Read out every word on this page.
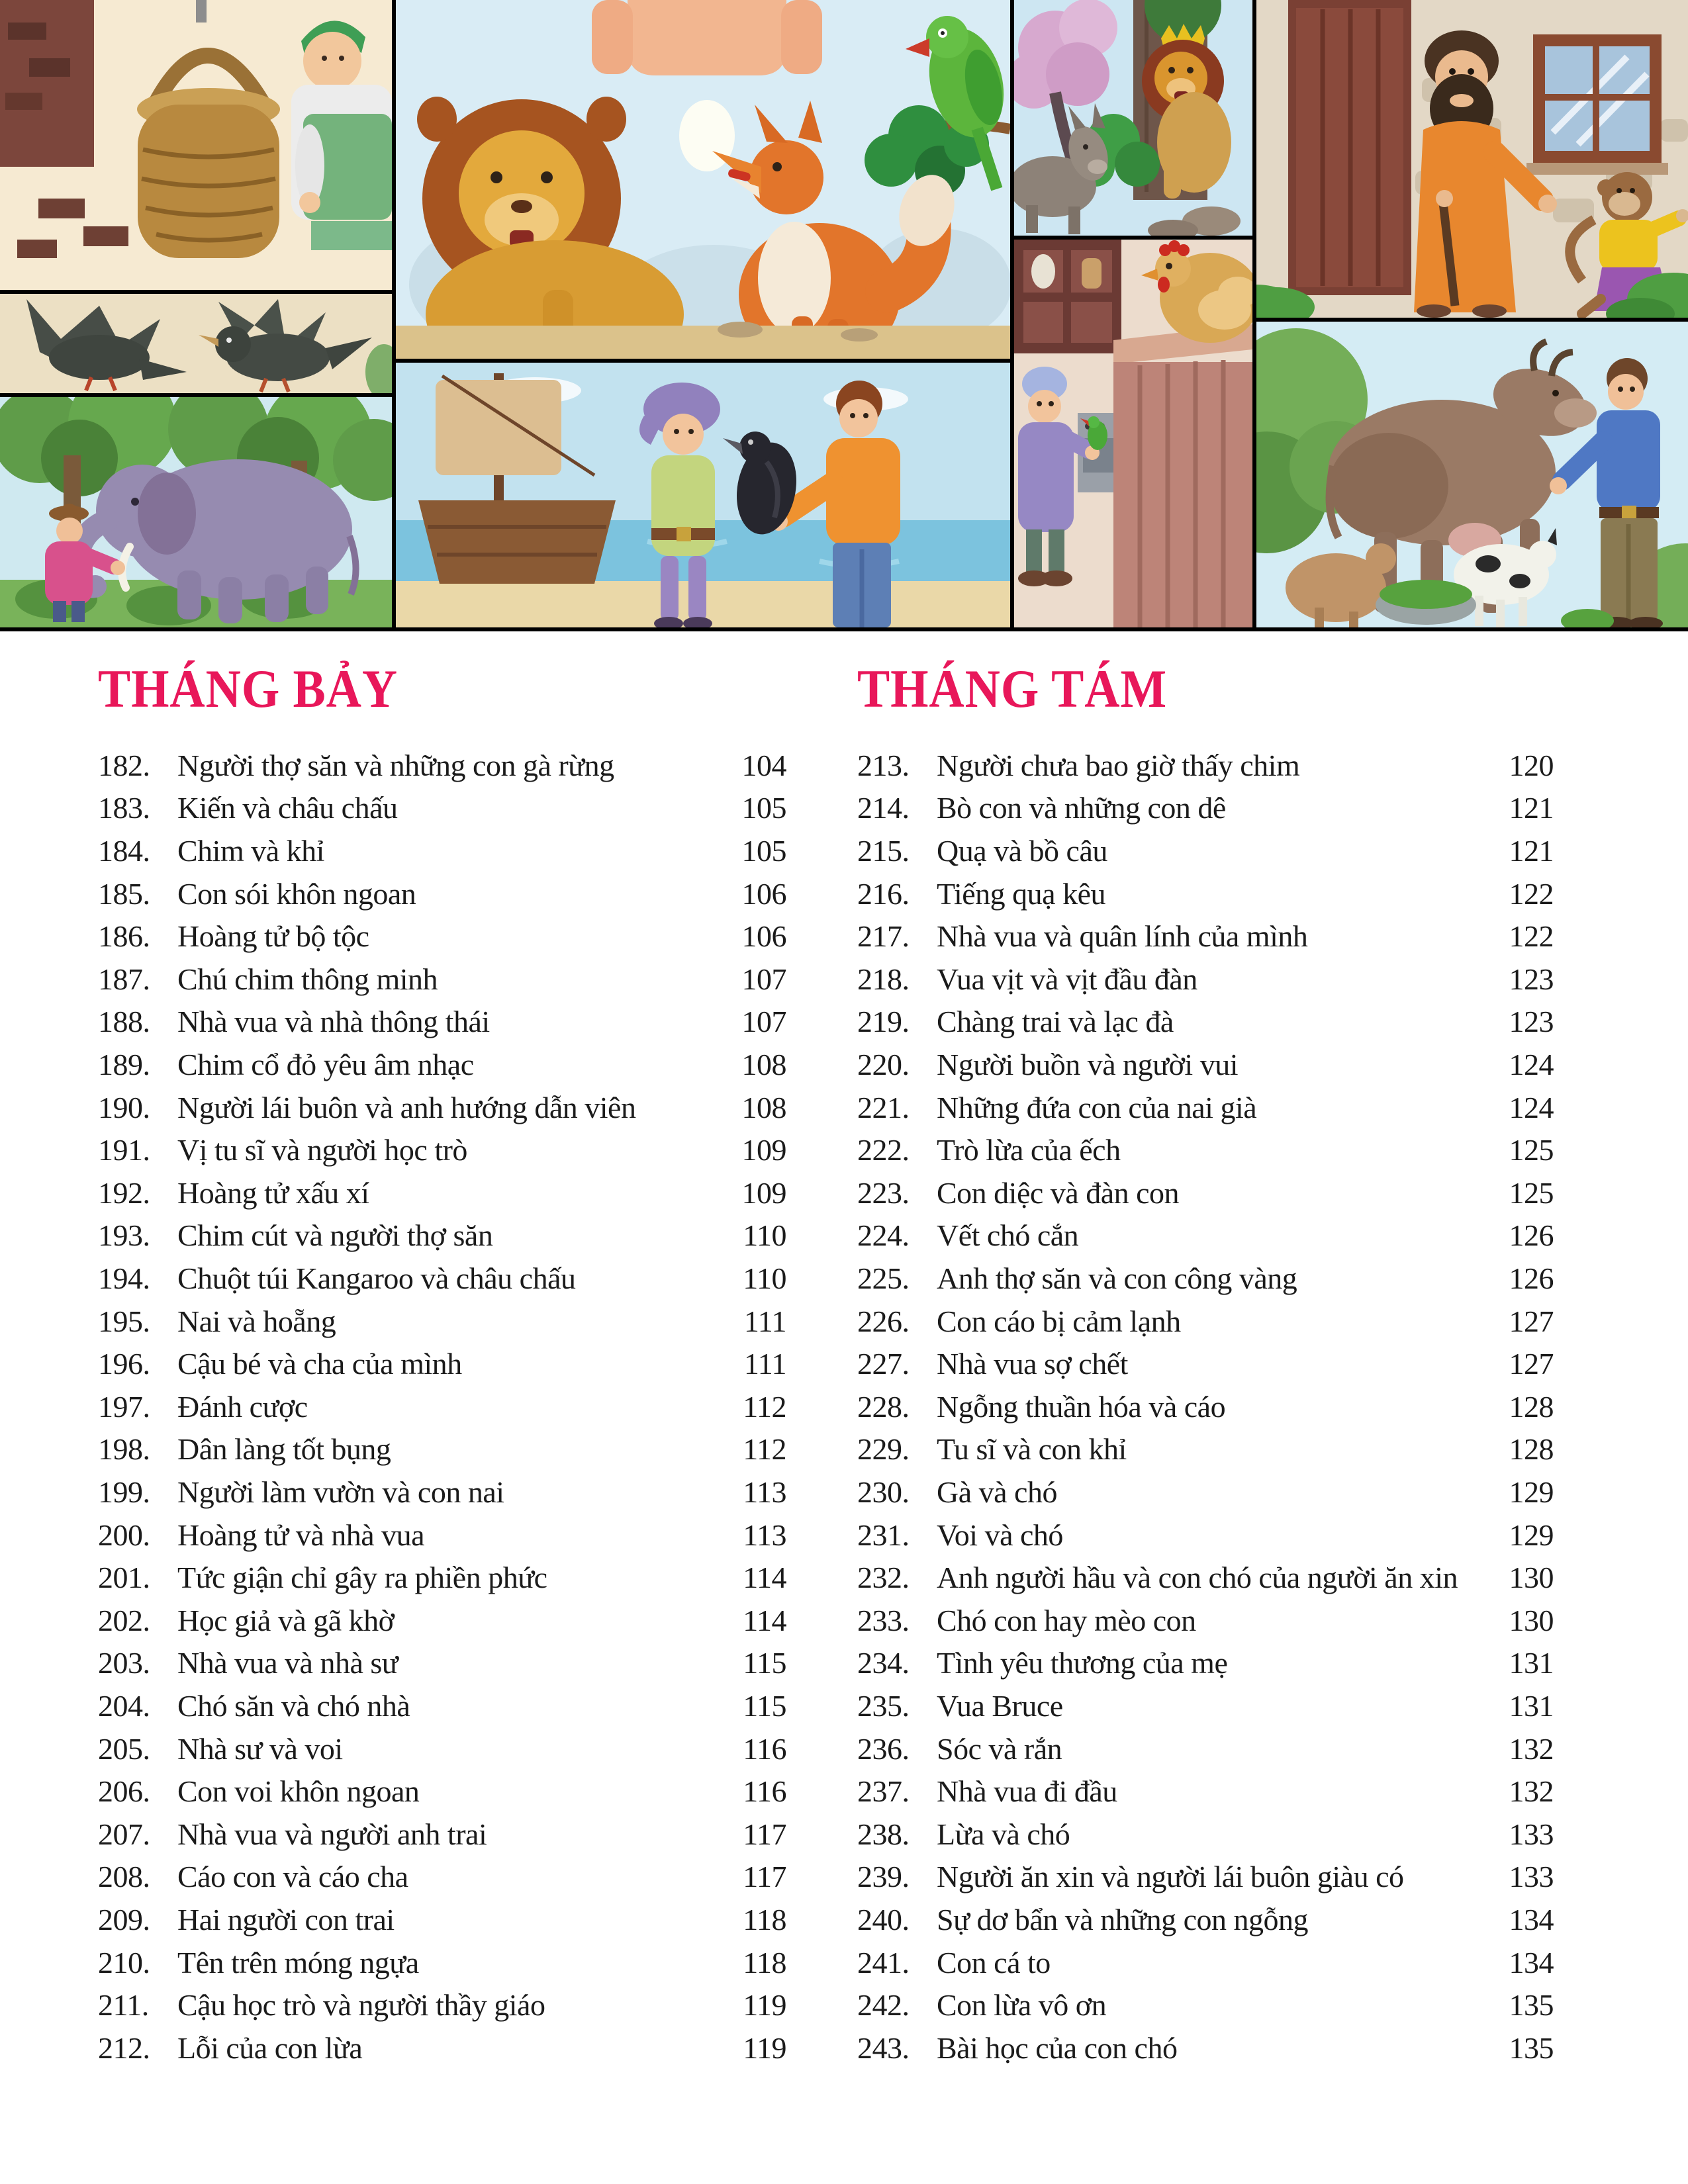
THÁNG BẢY
182. Người thợ săn và những con gà rừng	104
183. Kiến và châu chấu	105
184. Chim và khỉ	105
185. Con sói khôn ngoan	106
186. Hoàng tử bộ tộc	106
187. Chú chim thông minh	107
188. Nhà vua và nhà thông thái	107
189. Chim cổ đỏ yêu âm nhạc	108
190. Người lái buôn và anh hướng dẫn viên	108
191. Vị tu sĩ và người học trò	109
192. Hoàng tử xấu xí	109
193. Chim cút và người thợ săn	110
194. Chuột túi Kangaroo và châu chấu	110
195. Nai và hoẵng	111
196. Cậu bé và cha của mình	111
197. Đánh cược	112
198. Dân làng tốt bụng	112
199. Người làm vườn và con nai	113
200. Hoàng tử và nhà vua	113
201. Tức giận chỉ gây ra phiền phức	114
202. Học giả và gã khờ	114
203. Nhà vua và nhà sư	115
204. Chó săn và chó nhà	115
205. Nhà sư và voi	116
206. Con voi khôn ngoan	116
207. Nhà vua và người anh trai	117
208. Cáo con và cáo cha	117
209. Hai người con trai	118
210. Tên trên móng ngựa	118
211. Cậu học trò và người thầy giáo	119
212. Lỗi của con lừa	119
THÁNG TÁM
213. Người chưa bao giờ thấy chim	120
214. Bò con và những con dê	121
215. Quạ và bồ câu	121
216. Tiếng quạ kêu	122
217. Nhà vua và quân lính của mình	122
218. Vua vịt và vịt đầu đàn	123
219. Chàng trai và lạc đà	123
220. Người buồn và người vui	124
221. Những đứa con của nai già	124
222. Trò lừa của ếch	125
223. Con diệc và đàn con	125
224. Vết chó cắn	126
225. Anh thợ săn và con công vàng	126
226. Con cáo bị cảm lạnh	127
227. Nhà vua sợ chết	127
228. Ngỗng thuần hóa và cáo	128
229. Tu sĩ và con khỉ	128
230. Gà và chó	129
231. Voi và chó	129
232. Anh người hầu và con chó của người ăn xin	130
233. Chó con hay mèo con	130
234. Tình yêu thương của mẹ	131
235. Vua Bruce	131
236. Sóc và rắn	132
237. Nhà vua đi đầu	132
238. Lừa và chó	133
239. Người ăn xin và người lái buôn giàu có	133
240. Sự dơ bẩn và những con ngỗng	134
241. Con cá to	134
242. Con lừa vô ơn	135
243. Bài học của con chó	135
